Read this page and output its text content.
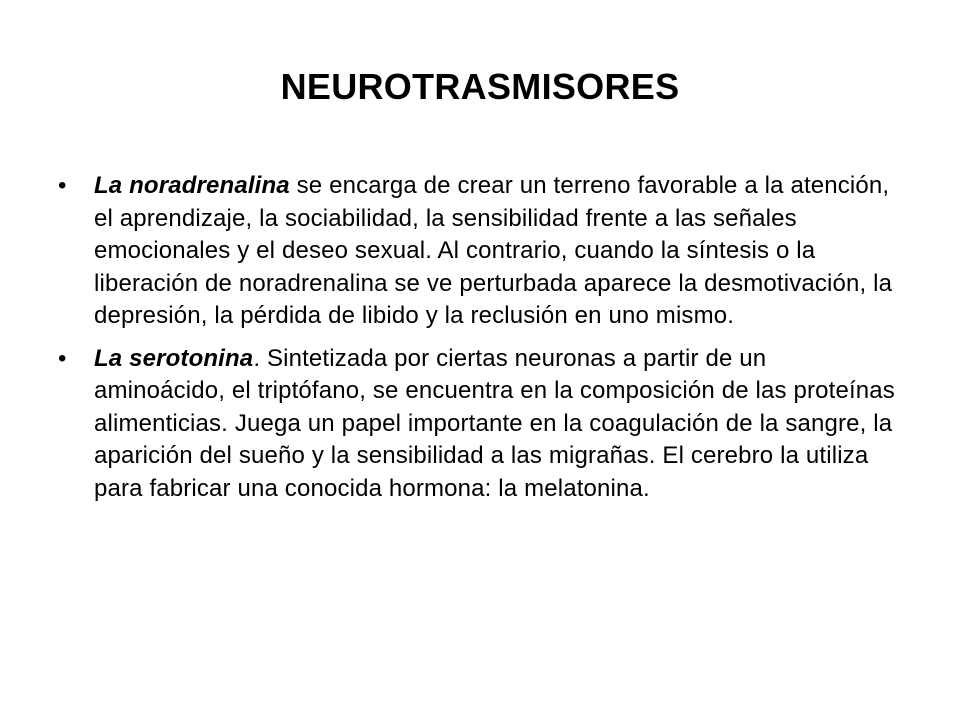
NEUROTRASMISORES
• La noradrenalina se encarga de crear un terreno favorable a la atención, el aprendizaje, la sociabilidad, la sensibilidad frente a las señales emocionales y el deseo sexual. Al contrario, cuando la síntesis o la liberación de noradrenalina se ve perturbada aparece la desmotivación, la depresión, la pérdida de libido y la reclusión en uno mismo.
• La serotonina. Sintetizada por ciertas neuronas a partir de un aminoácido, el triptófano, se encuentra en la composición de las proteínas alimenticias. Juega un papel importante en la coagulación de la sangre, la aparición del sueño y la sensibilidad a las migrañas. El cerebro la utiliza para fabricar una conocida hormona: la melatonina.
